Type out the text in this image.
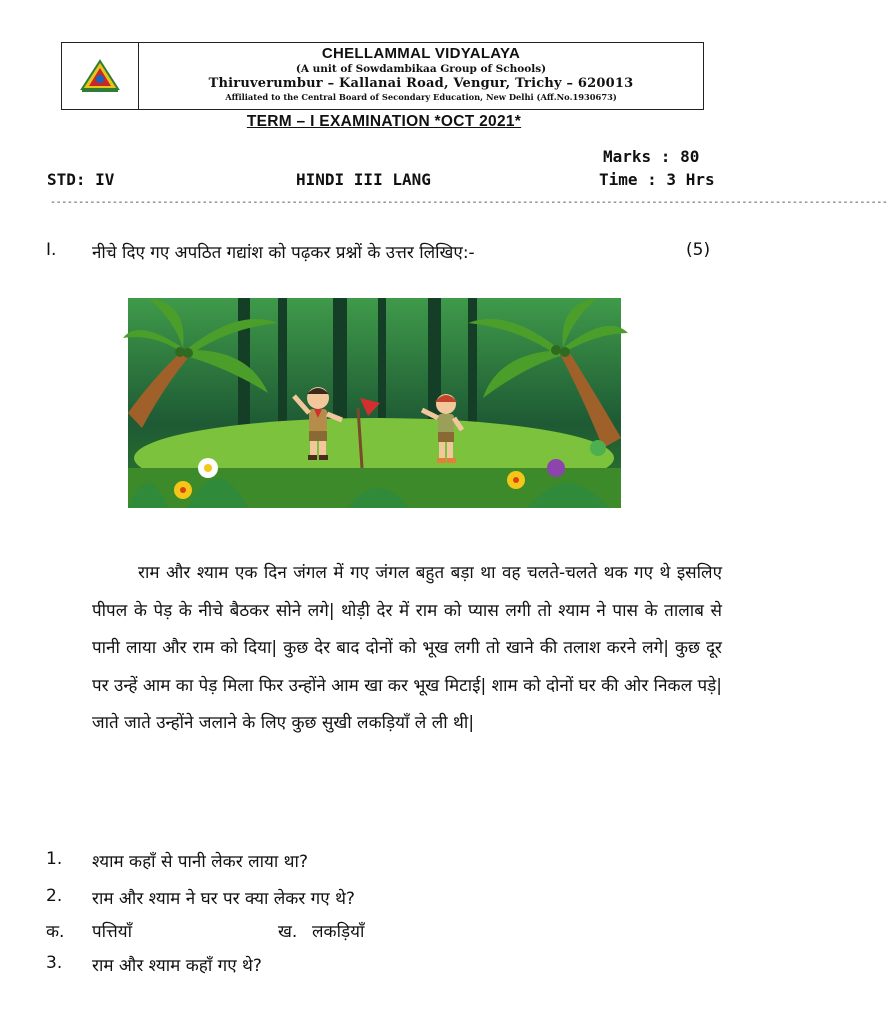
CHELLAMMAL VIDYALAYA
(A unit of Sowdambikaa Group of Schools)
Thiruverumbur – Kallanai Road, Vengur, Trichy – 620013
Affiliated to the Central Board of Secondary Education, New Delhi (Aff.No.1930673)
TERM – I EXAMINATION *OCT 2021*
Marks : 80
STD: IV	HINDI III LANG	Time : 3 Hrs
-----------------------------------------------------------------------------------------------------------------------------------------------------
I. नीचे दिए गए अपठित गद्यांश को पढ़कर प्रश्नों के उत्तर लिखिए:-	(5)
राम और श्याम एक दिन जंगल में गए जंगल बहुत बड़ा था वह चलते-चलते थक गए थे इसलिए पीपल के पेड़ के नीचे बैठकर सोने लगे| थोड़ी देर में राम को प्यास लगी तो श्याम ने पास के तालाब से पानी लाया और राम को दिया| कुछ देर बाद दोनों को भूख लगी तो खाने की तलाश करने लगे| कुछ दूर पर उन्हें आम का पेड़ मिला फिर उन्होंने आम खा कर भूख मिटाई| शाम को दोनों घर की ओर निकल पड़े| जाते जाते उन्होंने जलाने के लिए कुछ सुखी लकड़ियाँ ले ली थी|
1. श्याम कहाँ से पानी लेकर लाया था?
2. राम और श्याम ने घर पर क्या लेकर गए थे?
क. पत्तियाँ	ख. लकड़ियाँ
3. राम और श्याम कहाँ गए थे?
